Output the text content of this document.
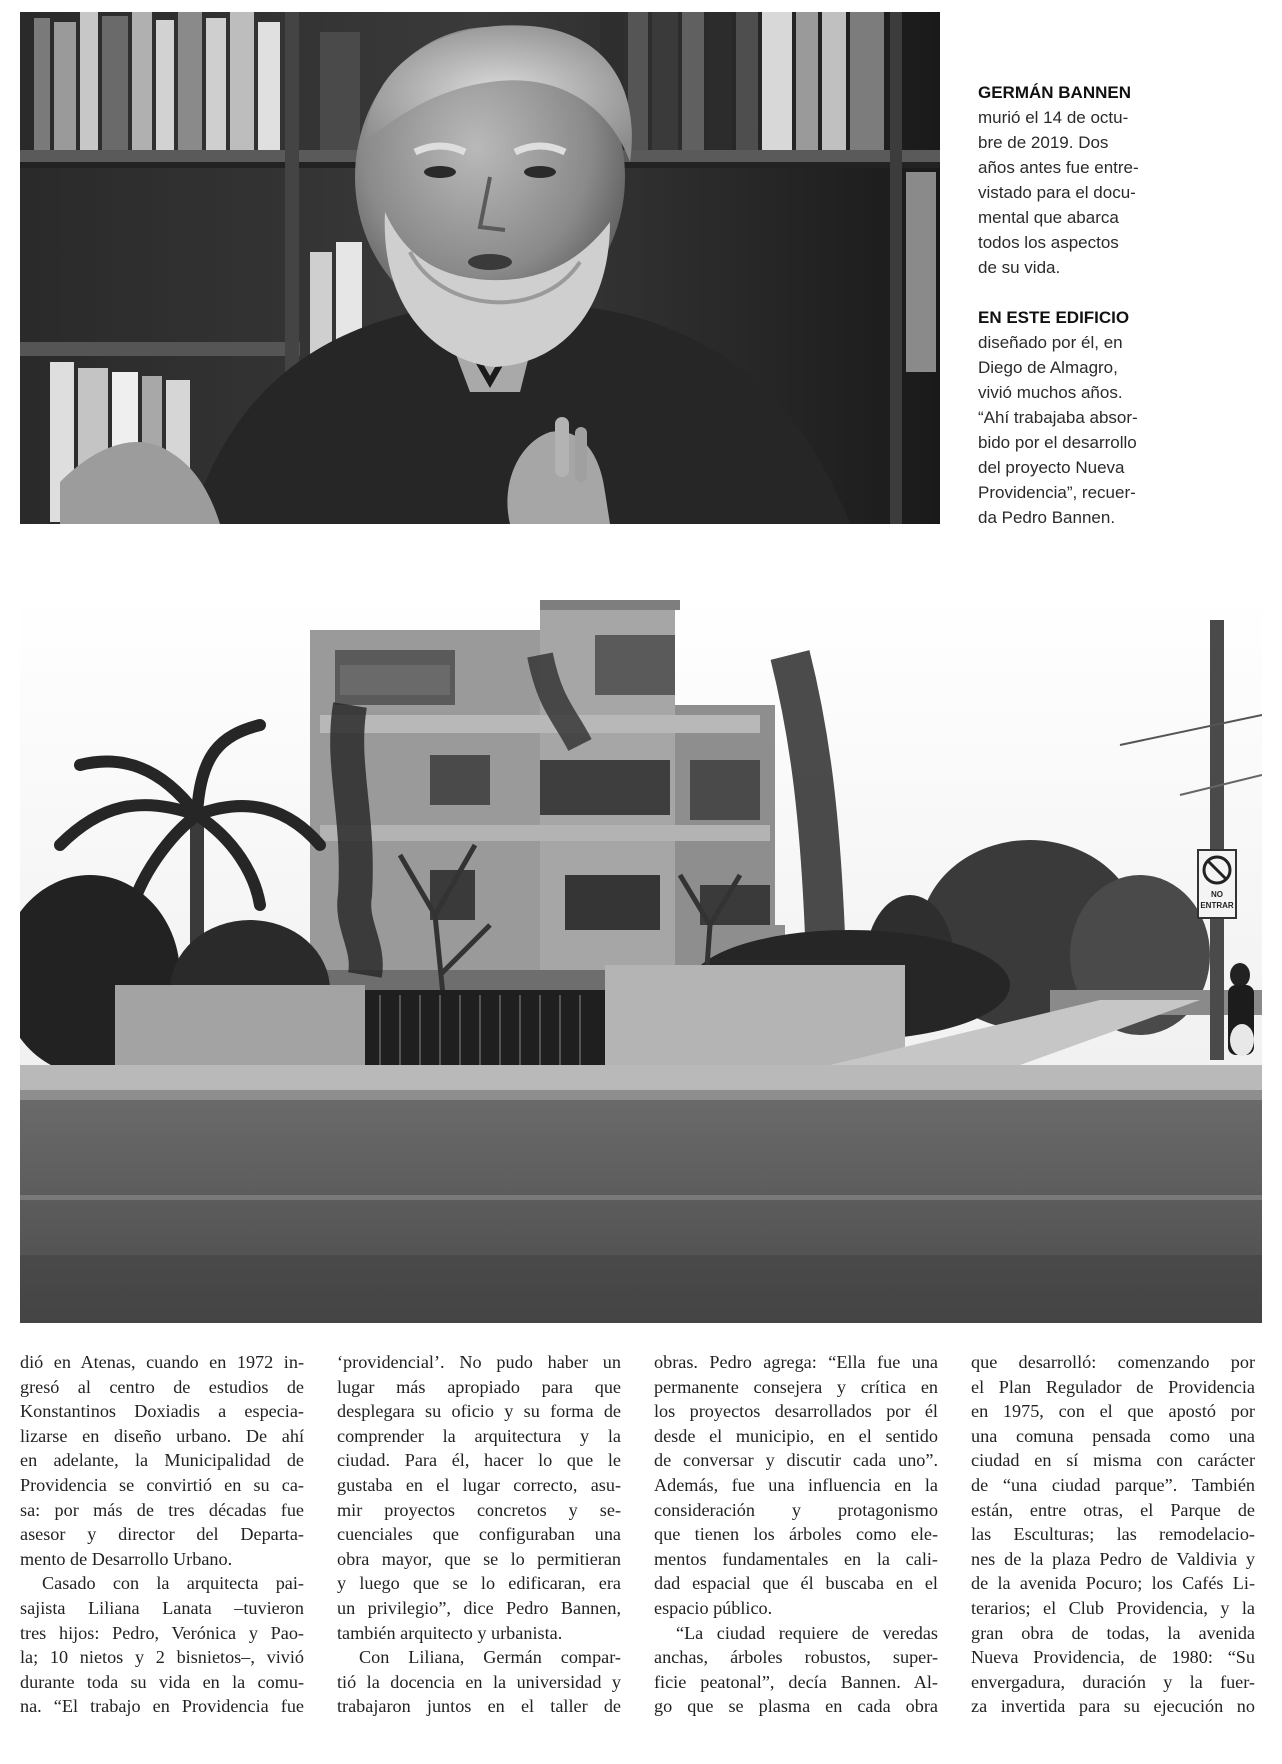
GERMÁN BANNEN
murió el 14 de octu-
bre de 2019. Dos
años antes fue entre-
vistado para el docu-
mental que abarca
todos los aspectos
de su vida.
EN ESTE EDIFICIO
diseñado por él, en
Diego de Almagro,
vivió muchos años.
“Ahí trabajaba absor-
bido por el desarrollo
del proyecto Nueva
Providencia”, recuer-
da Pedro Bannen.
NO
ENTRAR
dió en Atenas, cuando en 1972 in-
gresó al centro de estudios de
Konstantinos Doxiadis a especia-
lizarse en diseño urbano. De ahí
en adelante, la Municipalidad de
Providencia se convirtió en su ca-
sa: por más de tres décadas fue
asesor y director del Departa-
mento de Desarrollo Urbano.
Casado con la arquitecta pai-
sajista Liliana Lanata –tuvieron
tres hijos: Pedro, Verónica y Pao-
la; 10 nietos y 2 bisnietos–, vivió
durante toda su vida en la comu-
na. “El trabajo en Providencia fue
‘providencial’. No pudo haber un
lugar más apropiado para que
desplegara su oficio y su forma de
comprender la arquitectura y la
ciudad. Para él, hacer lo que le
gustaba en el lugar correcto, asu-
mir proyectos concretos y se-
cuenciales que configuraban una
obra mayor, que se lo permitieran
y luego que se lo edificaran, era
un privilegio”, dice Pedro Bannen,
también arquitecto y urbanista.
Con Liliana, Germán compar-
tió la docencia en la universidad y
trabajaron juntos en el taller de
obras. Pedro agrega: “Ella fue una
permanente consejera y crítica en
los proyectos desarrollados por él
desde el municipio, en el sentido
de conversar y discutir cada uno”.
Además, fue una influencia en la
consideración y protagonismo
que tienen los árboles como ele-
mentos fundamentales en la cali-
dad espacial que él buscaba en el
espacio público.
“La ciudad requiere de veredas
anchas, árboles robustos, super-
ficie peatonal”, decía Bannen. Al-
go que se plasma en cada obra
que desarrolló: comenzando por
el Plan Regulador de Providencia
en 1975, con el que apostó por
una comuna pensada como una
ciudad en sí misma con carácter
de “una ciudad parque”. También
están, entre otras, el Parque de
las Esculturas; las remodelacio-
nes de la plaza Pedro de Valdivia y
de la avenida Pocuro; los Cafés Li-
terarios; el Club Providencia, y la
gran obra de todas, la avenida
Nueva Providencia, de 1980: “Su
envergadura, duración y la fuer-
za invertida para su ejecución no
